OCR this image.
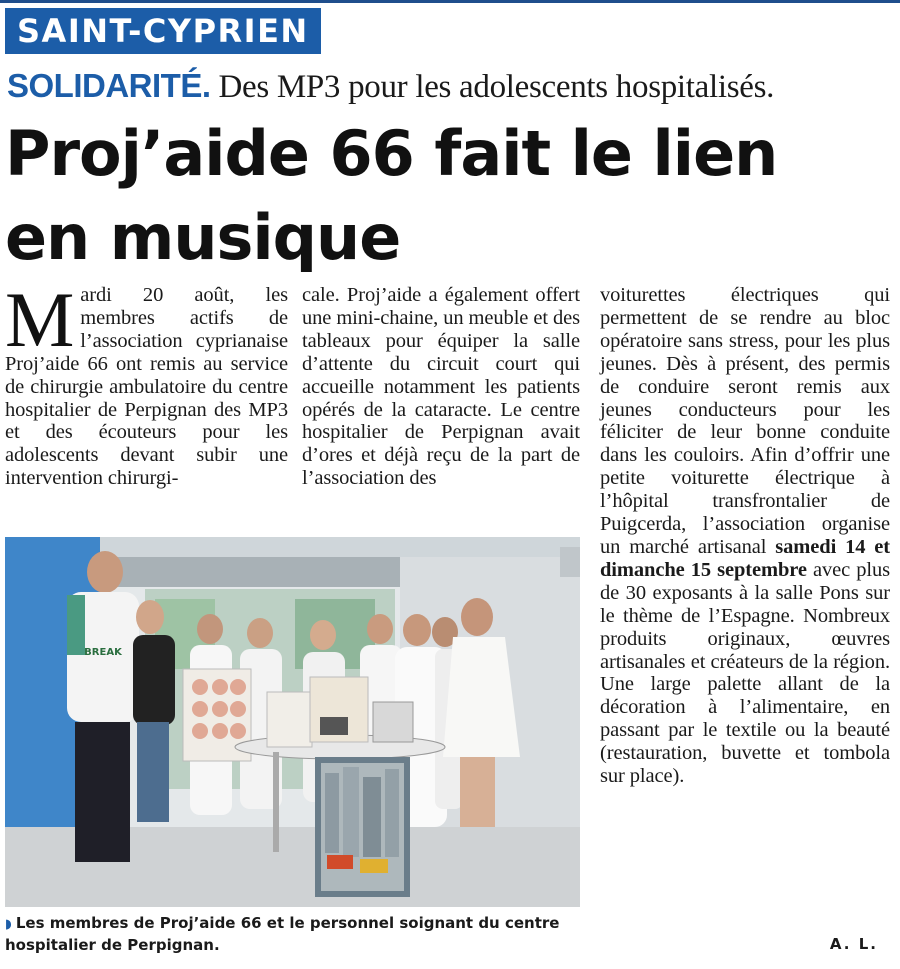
SAINT-CYPRIEN
SOLIDARITÉ. Des MP3 pour les adolescents hospitalisés.
Proj’aide 66 fait le lien
en musique

Mardi 20 août, les membres actifs de l’association cyprianaise Proj’aide 66 ont remis au service de chirurgie ambulatoire du centre hospitalier de Perpignan des MP3 et des écouteurs pour les adolescents devant subir une intervention chirurgi-

cale. Proj’aide a également offert une mini-chaine, un meuble et des tableaux pour équiper la salle d’attente du circuit court qui accueille notamment les patients opérés de la cataracte. Le centre hospitalier de Perpignan avait d’ores et déjà reçu de la part de l’association des

voiturettes électriques qui permettent de se rendre au bloc opératoire sans stress, pour les plus jeunes. Dès à présent, des permis de conduire seront remis aux jeunes conducteurs pour les féliciter de leur bonne conduite dans les couloirs. Afin d’offrir une petite voiturette électrique à l’hôpital transfrontalier de Puigcerda, l’association organise un marché artisanal samedi 14 et dimanche 15 septembre avec plus de 30 exposants à la salle Pons sur le thème de l’Espagne. Nombreux produits originaux, œuvres artisanales et créateurs de la région. Une large palette allant de la décoration à l’alimentaire, en passant par le textile ou la beauté (restauration, buvette et tombola sur place).

BREAK
◗ Les membres de Proj’aide 66 et le personnel soignant du centre hospitalier de Perpignan.	A. L.
